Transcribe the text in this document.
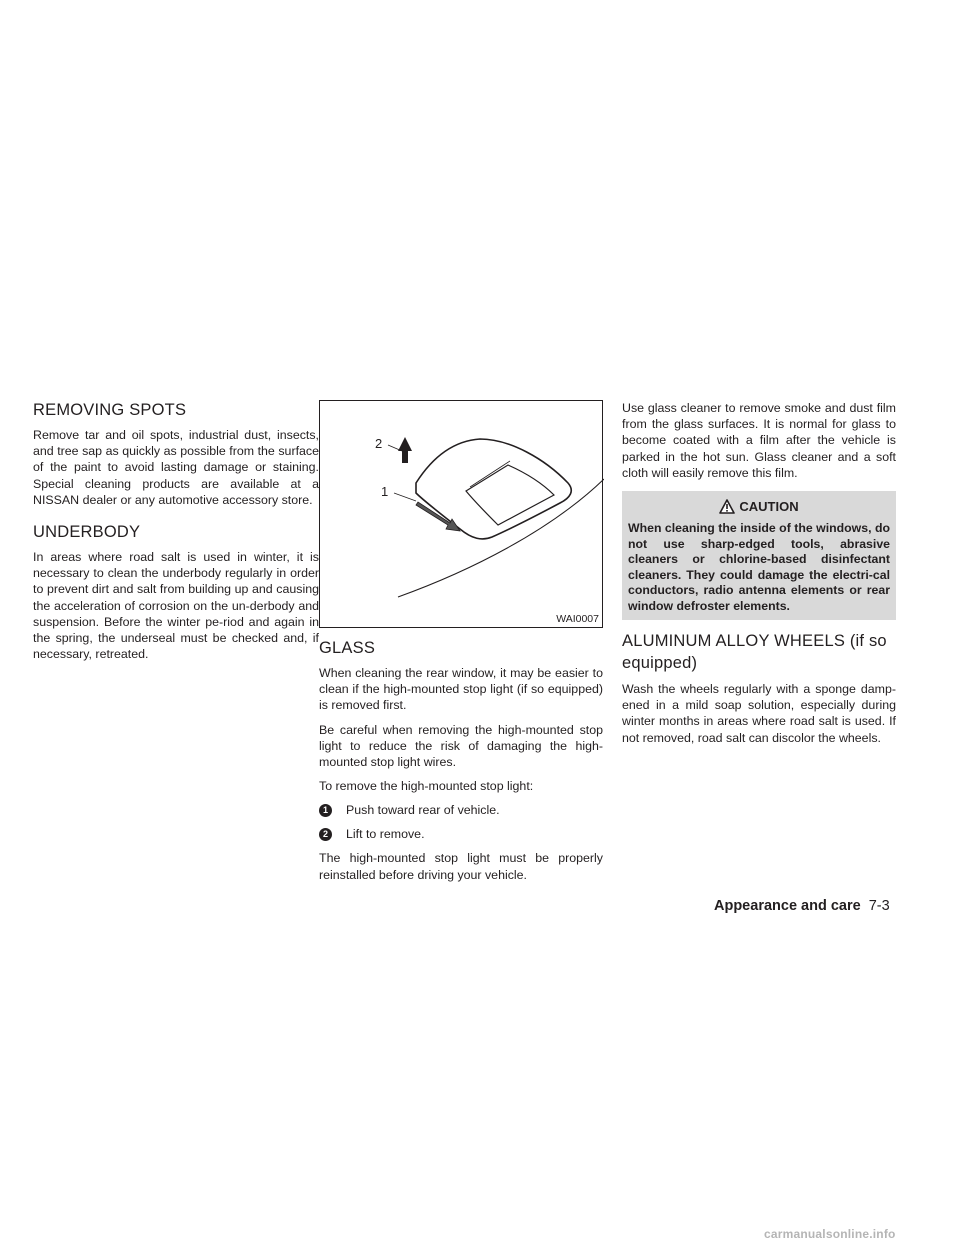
REMOVING SPOTS

Remove tar and oil spots, industrial dust, insects, and tree sap as quickly as possible from the surface of the paint to avoid lasting damage or staining. Special cleaning products are available at a NISSAN dealer or any automotive accessory store.

UNDERBODY

In areas where road salt is used in winter, it is necessary to clean the underbody regularly in order to prevent dirt and salt from building up and causing the acceleration of corrosion on the un-derbody and suspension. Before the winter pe-riod and again in the spring, the underseal must be checked and, if necessary, retreated.

2
1
WAI0007
GLASS

When cleaning the rear window, it may be easier to clean if the high-mounted stop light (if so equipped) is removed first.

Be careful when removing the high-mounted stop light to reduce the risk of damaging the high-mounted stop light wires.

To remove the high-mounted stop light:

1	Push toward rear of vehicle.
2	Lift to remove.

The high-mounted stop light must be properly reinstalled before driving your vehicle.

Use glass cleaner to remove smoke and dust film from the glass surfaces. It is normal for glass to become coated with a film after the vehicle is parked in the hot sun. Glass cleaner and a soft cloth will easily remove this film.

CAUTION
When cleaning the inside of the windows, do not use sharp-edged tools, abrasive cleaners or chlorine-based disinfectant cleaners. They could damage the electri-cal conductors, radio antenna elements or rear window defroster elements.
ALUMINUM ALLOY WHEELS (if so equipped)

Wash the wheels regularly with a sponge damp-ened in a mild soap solution, especially during winter months in areas where road salt is used. If not removed, road salt can discolor the wheels.

Appearance and care 7-3
carmanualsonline.info
